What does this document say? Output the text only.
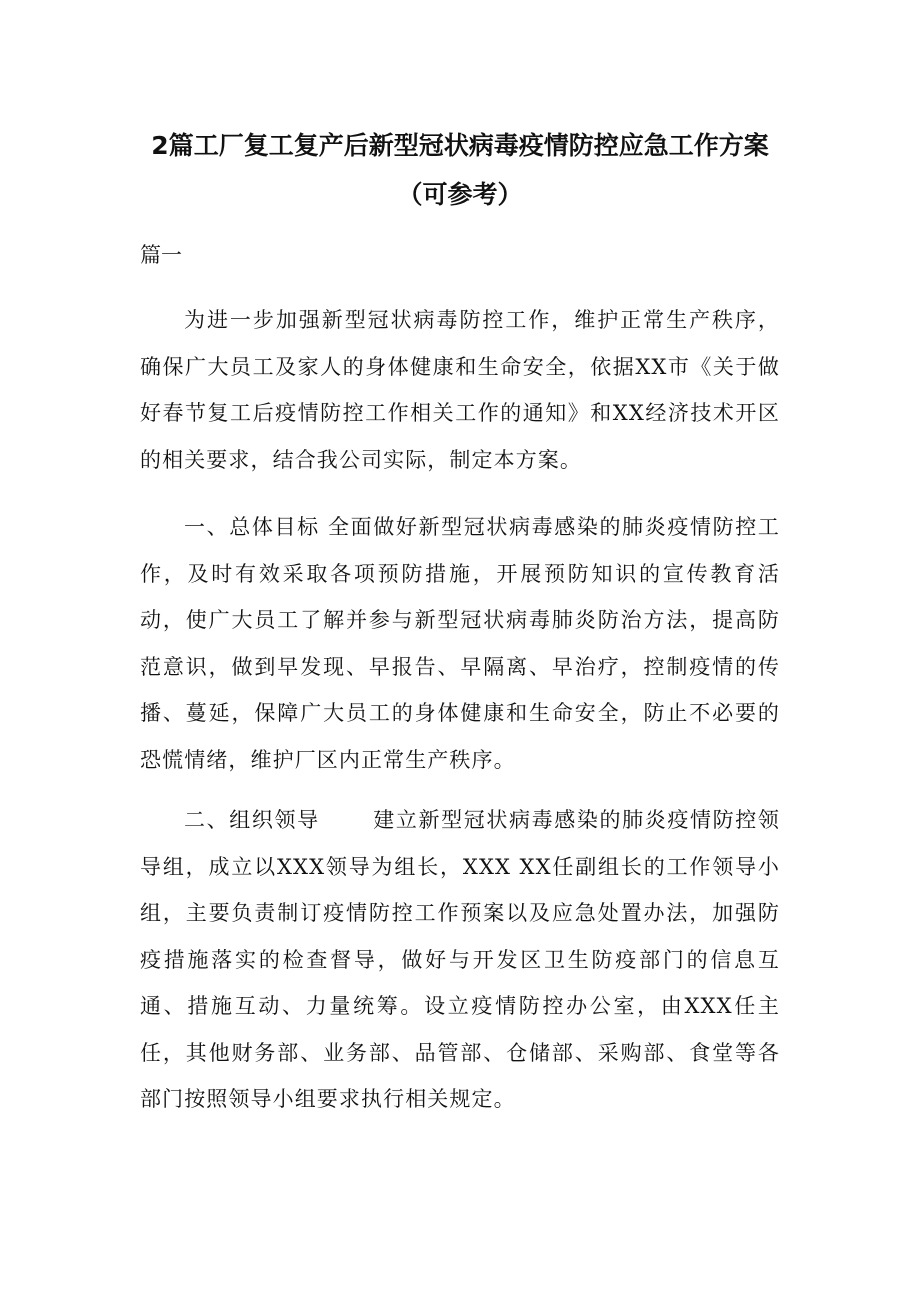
2篇工厂复工复产后新型冠状病毒疫情防控应急工作方案
（可参考）
篇一

为进一步加强新型冠状病毒防控工作，维护正常生产秩序，确保广大员工及家人的身体健康和生命安全，依据XX市《关于做好春节复工后疫情防控工作相关工作的通知》和XX经济技术开区的相关要求，结合我公司实际，制定本方案。

一、总体目标 全面做好新型冠状病毒感染的肺炎疫情防控工作，及时有效采取各项预防措施，开展预防知识的宣传教育活动，使广大员工了解并参与新型冠状病毒肺炎防治方法，提高防范意识，做到早发现、早报告、早隔离、早治疗，控制疫情的传播、蔓延，保障广大员工的身体健康和生命安全，防止不必要的恐慌情绪，维护厂区内正常生产秩序。

二、组织领导　　 建立新型冠状病毒感染的肺炎疫情防控领导组，成立以XXX领导为组长，XXX XX任副组长的工作领导小组，主要负责制订疫情防控工作预案以及应急处置办法，加强防疫措施落实的检查督导，做好与开发区卫生防疫部门的信息互通、措施互动、力量统筹。设立疫情防控办公室，由XXX任主任，其他财务部、业务部、品管部、仓储部、采购部、食堂等各部门按照领导小组要求执行相关规定。
